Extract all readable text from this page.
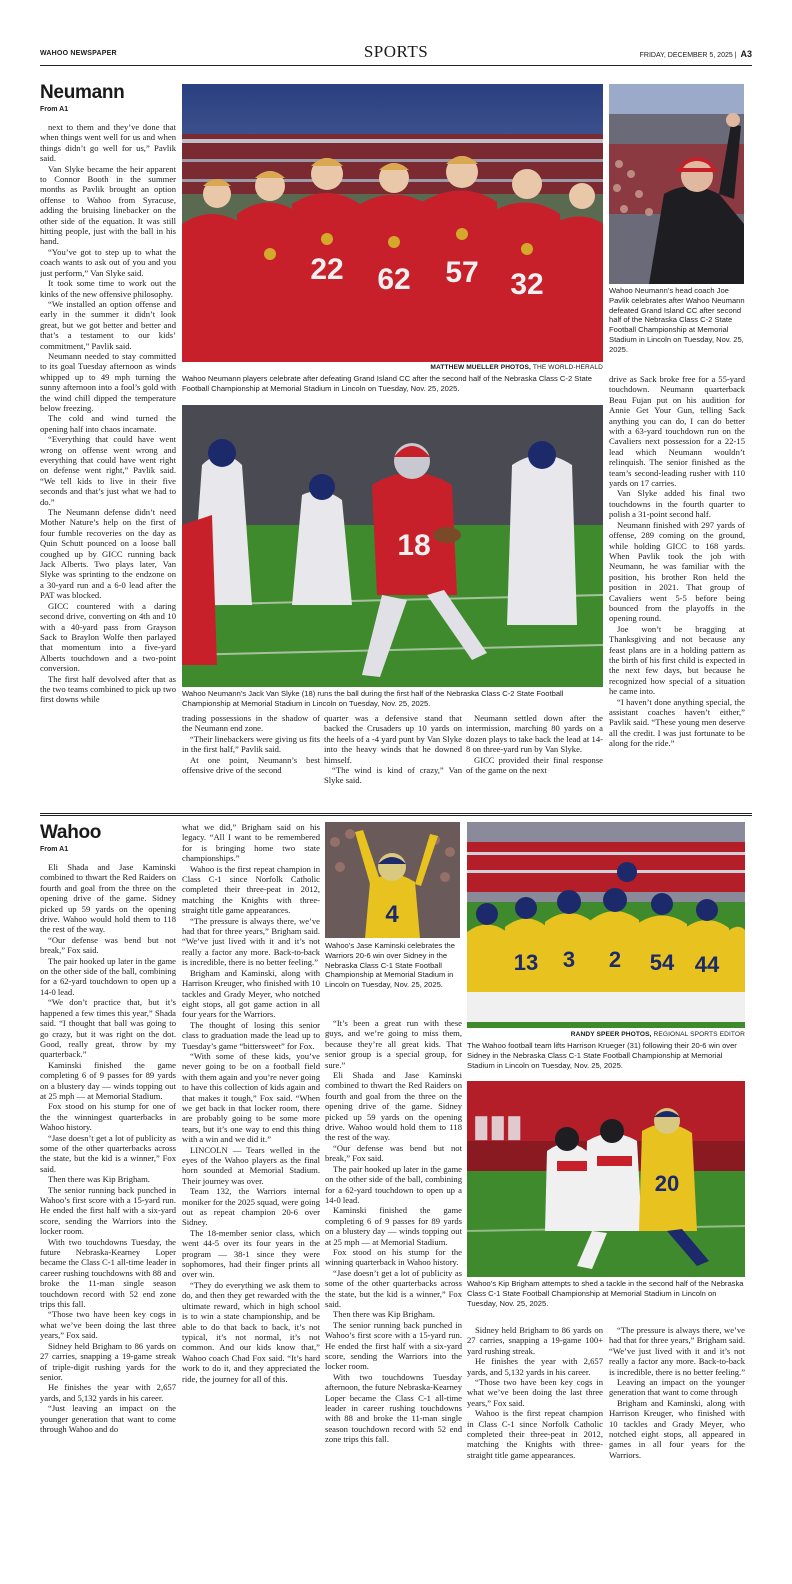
WAHOO NEWSPAPER	SPORTS	FRIDAY, DECEMBER 5, 2025 | A3
Neumann
From A1

next to them and they’ve done that when things went well for us and when things didn’t go well for us,” Pavlik said.

Van Slyke became the heir apparent to Connor Booth in the summer months as Pavlik brought an option offense to Wahoo from Syracuse, adding the bruising linebacker on the other side of the equation. It was still hitting people, just with the ball in his hand.

“You’ve got to step up to what the coach wants to ask out of you and you just perform,” Van Slyke said.

It took some time to work out the kinks of the new offensive philosophy.

“We installed an option offense and early in the summer it didn’t look great, but we got better and better and that’s a testament to our kids’ commitment,” Pavlik said.

Neumann needed to stay committed to its goal Tuesday afternoon as winds whipped up to 49 mph turning the sunny afternoon into a fool’s gold with the wind chill dipped the temperature below freezing.

The cold and wind turned the opening half into chaos incarnate.

“Everything that could have went wrong on offense went wrong and everything that could have went right on defense went right,” Pavlik said. “We tell kids to live in their five seconds and that’s just what we had to do.”

The Neumann defense didn’t need Mother Nature’s help on the first of four fumble recoveries on the day as Quin Schutt pounced on a loose ball coughed up by GICC running back Jack Alberts. Two plays later, Van Slyke was sprinting to the endzone on a 30-yard run and a 6-0 lead after the PAT was blocked.

GICC countered with a daring second drive, converting on 4th and 10 with a 40-yard pass from Grayson Sack to Braylon Wolfe then parlayed that momentum into a five-yard Alberts touchdown and a two-point conversion.

The first half devolved after that as the two teams combined to pick up two first downs while

22 62 57 32
MATTHEW MUELLER PHOTOS, THE WORLD-HERALD
Wahoo Neumann players celebrate after defeating Grand Island CC after the second half of the Nebraska Class C-2 State Football Championship at Memorial Stadium in Lincoln on Tuesday, Nov. 25, 2025.
Wahoo Neumann’s head coach Joe Pavlik celebrates after Wahoo Neumann defeated Grand Island CC after second half of the Nebraska Class C-2 State Football Championship at Memorial Stadium in Lincoln on Tuesday, Nov. 25, 2025.
18
Wahoo Neumann’s Jack Van Slyke (18) runs the ball during the first half of the Nebraska Class C-2 State Football Championship at Memorial Stadium in Lincoln on Tuesday, Nov. 25, 2025.

trading possessions in the shadow of the Neumann end zone.

“Their linebackers were giving us fits in the first half,” Pavlik said.

At one point, Neumann’s best offensive drive of the second

quarter was a defensive stand that backed the Crusaders up 10 yards on the heels of a -4 yard punt by Van Slyke into the heavy winds that he downed himself.

“The wind is kind of crazy,” Van Slyke said.

Neumann settled down after the intermission, marching 80 yards on a dozen plays to take back the lead at 14-8 on three-yard run by Van Slyke.

GICC provided their final response of the game on the next

drive as Sack broke free for a 55-yard touchdown. Neumann quarterback Beau Fujan put on his audition for Annie Get Your Gun, telling Sack anything you can do, I can do better with a 63-yard touchdown run on the Cavaliers next possession for a 22-15 lead which Neumann wouldn’t relinquish. The senior finished as the team’s second-leading rusher with 110 yards on 17 carries.

Van Slyke added his final two touchdowns in the fourth quarter to polish a 31-point second half.

Neumann finished with 297 yards of offense, 289 coming on the ground, while holding GICC to 168 yards. When Pavlik took the job with Neumann, he was familiar with the position, his brother Ron held the position in 2021. That group of Cavaliers went 5-5 before being bounced from the playoffs in the opening round.

Joe won’t be bragging at Thanksgiving and not because any feast plans are in a holding pattern as the birth of his first child is expected in the next few days, but because he recognized how special of a situation he came into.

“I haven’t done anything special, the assistant coaches haven’t either,” Pavlik said. “These young men deserve all the credit. I was just fortunate to be along for the ride.”

Wahoo
From A1

Eli Shada and Jase Kaminski combined to thwart the Red Raiders on fourth and goal from the three on the opening drive of the game. Sidney picked up 59 yards on the opening drive. Wahoo would hold them to 118 the rest of the way.

“Our defense was bend but not break,” Fox said.

The pair hooked up later in the game on the other side of the ball, combining for a 62-yard touchdown to open up a 14-0 lead.

“We don’t practice that, but it’s happened a few times this year,” Shada said. “I thought that ball was going to go crazy, but it was right on the dot. Good, really great, throw by my quarterback.”

Kaminski finished the game completing 6 of 9 passes for 89 yards on a blustery day — winds topping out at 25 mph — at Memorial Stadium.

Fox stood on his stump for one of the the winningest quarterbacks in Wahoo history.

“Jase doesn’t get a lot of publicity as some of the other quarterbacks across the state, but the kid is a winner,” Fox said.

Then there was Kip Brigham.

The senior running back punched in Wahoo’s first score with a 15-yard run. He ended the first half with a six-yard score, sending the Warriors into the locker room.

With two touchdowns Tuesday, the future Nebraska-Kearney Loper became the Class C-1 all-time leader in career rushing touchdowns with 88 and broke the 11-man single season touchdown record with 52 end zone trips this fall.

“Those two have been key cogs in what we’ve been doing the last three years,” Fox said.

Sidney held Brigham to 86 yards on 27 carries, snapping a 19-game streak of triple-digit rushing yards for the senior.

He finishes the year with 2,657 yards, and 5,132 yards in his career.

“Just leaving an impact on the younger generation that want to come through Wahoo and do

what we did,” Brigham said on his legacy. “All I want to be remembered for is bringing home two state championships.”

Wahoo is the first repeat champion in Class C-1 since Norfolk Catholic completed their three-peat in 2012, matching the Knights with three-straight title game appearances.

“The pressure is always there, we’ve had that for three years,” Brigham said. “We’ve just lived with it and it’s not really a factor any more. Back-to-back is incredible, there is no better feeling.”

Brigham and Kaminski, along with Harrison Kreuger, who finished with 10 tackles and Grady Meyer, who notched eight stops, all got game action in all four years for the Warriors.

The thought of losing this senior class to graduation made the lead up to Tuesday’s game “bittersweet” for Fox.

“With some of these kids, you’ve never going to be on a football field with them again and you’re never going to have this collection of kids again and that makes it tough,” Fox said. “When we get back in that locker room, there are probably going to be some more tears, but it’s one way to end this thing with a win and we did it.”

LINCOLN — Tears welled in the eyes of the Wahoo players as the final horn sounded at Memorial Stadium. Their journey was over.

Team 132, the Warriors internal moniker for the 2025 squad, were going out as repeat champion 20-6 over Sidney.

The 18-member senior class, which went 44-5 over its four years in the program — 38-1 since they were sophomores, had their finger prints all over win.

“They do everything we ask them to do, and then they get rewarded with the ultimate reward, which in high school is to win a state championship, and be able to do that back to back, it’s not typical, it’s not normal, it’s not common. And our kids know that,” Wahoo coach Chad Fox said. “It’s hard work to do it, and they appreciated the ride, the journey for all of this.

4
Wahoo’s Jase Kaminski celebrates the Warriors 20-6 win over Sidney in the Nebraska Class C-1 State Football Championship at Memorial Stadium in Lincoln on Tuesday, Nov. 25, 2025.

“It’s been a great run with these guys, and we’re going to miss them, because they’re all great kids. That senior group is a special group, for sure.”

Eli Shada and Jase Kaminski combined to thwart the Red Raiders on fourth and goal from the three on the opening drive of the game. Sidney picked up 59 yards on the opening drive. Wahoo would hold them to 118 the rest of the way.

“Our defense was bend but not break,” Fox said.

The pair hooked up later in the game on the other side of the ball, combining for a 62-yard touchdown to open up a 14-0 lead.

Kaminski finished the game completing 6 of 9 passes for 89 yards on a blustery day — winds topping out at 25 mph — at Memorial Stadium.

Fox stood on his stump for the winning quarterback in Wahoo history.

“Jase doesn’t get a lot of publicity as some of the other quarterbacks across the state, but the kid is a winner,” Fox said.

Then there was Kip Brigham.

The senior running back punched in Wahoo’s first score with a 15-yard run. He ended the first half with a six-yard score, sending the Warriors into the locker room.

With two touchdowns Tuesday afternoon, the future Nebraska-Kearney Loper became the Class C-1 all-time leader in career rushing touchdowns with 88 and broke the 11-man single season touchdown record with 52 end zone trips this fall.

3 2 54 44
13
RANDY SPEER PHOTOS, REGIONAL SPORTS EDITOR
The Wahoo football team lifts Harrison Krueger (31) following their 20-6 win over Sidney in the Nebraska Class C-1 State Football Championship at Memorial Stadium in Lincoln on Tuesday, Nov. 25, 2025.
▮▮▮
20
Wahoo’s Kip Brigham attempts to shed a tackle in the second half of the Nebraska Class C-1 State Football Championship at Memorial Stadium in Lincoln on Tuesday, Nov. 25, 2025.

Sidney held Brigham to 86 yards on 27 carries, snapping a 19-game 100+ yard rushing streak.

He finishes the year with 2,657 yards, and 5,132 yards in his career.

“Those two have been key cogs in what we’ve been doing the last three years,” Fox said.

Wahoo is the first repeat champion in Class C-1 since Norfolk Catholic completed their three-peat in 2012, matching the Knights with three-straight title game appearances.

“The pressure is always there, we’ve had that for three years,” Brigham said. “We’ve just lived with it and it’s not really a factor any more. Back-to-back is incredible, there is no better feeling.”

Leaving an impact on the younger generation that want to come through

Brigham and Kaminski, along with Harrison Kreuger, who finished with 10 tackles and Grady Meyer, who notched eight stops, all appeared in games in all four years for the Warriors.
